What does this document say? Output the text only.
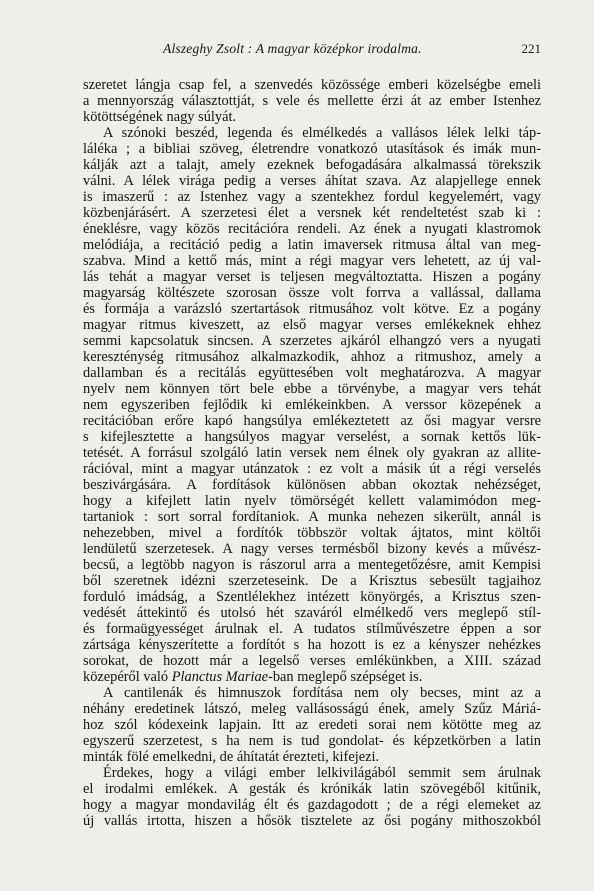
Alszeghy Zsolt : A magyar középkor irodalma.	221

szeretet lángja csap fel, a szenvedés közössége emberi közelségbe emeli
a mennyország választottját, s vele és mellette érzi át az ember Istenhez
kötöttségének nagy súlyát.

A szónoki beszéd, legenda és elmélkedés a vallásos lélek lelki táp-
láléka ; a bibliai szöveg, életrendre vonatkozó utasítások és imák mun-
kálják azt a talajt, amely ezeknek befogadására alkalmassá törekszik
válni. A lélek virága pedig a verses áhítat szava. Az alapjellege ennek
is imaszerű : az Istenhez vagy a szentekhez fordul kegyelemért, vagy
közbenjárásért. A szerzetesi élet a versnek két rendeltetést szab ki :
éneklésre, vagy közös recitációra rendeli. Az ének a nyugati klastromok
melódiája, a recitáció pedig a latin imaversek ritmusa által van meg-
szabva. Mind a kettő más, mint a régi magyar vers lehetett, az új val-
lás tehát a magyar verset is teljesen megváltoztatta. Hiszen a pogány
magyarság költészete szorosan össze volt forrva a vallással, dallama
és formája a varázsló szertartások ritmusához volt kötve. Ez a pogány
magyar ritmus kiveszett, az első magyar verses emlékeknek ehhez
semmi kapcsolatuk sincsen. A szerzetes ajkáról elhangzó vers a nyugati
kereszténység ritmusához alkalmazkodik, ahhoz a ritmushoz, amely a
dallamban és a recitálás együttesében volt meghatározva. A magyar
nyelv nem könnyen tört bele ebbe a törvénybe, a magyar vers tehát
nem egyszeriben fejlődik ki emlékeinkben. A verssor közepének a
recitációban erőre kapó hangsúlya emlékeztetett az ősi magyar versre
s kifejlesztette a hangsúlyos magyar verselést, a sornak kettős lük-
tetését. A forrásul szolgáló latin versek nem élnek oly gyakran az allite-
rációval, mint a magyar utánzatok : ez volt a másik út a régi verselés
beszivárgására. A fordítások különösen abban okoztak nehézséget,
hogy a kifejlett latin nyelv tömörségét kellett valamimódon meg-
tartaniok : sort sorral fordítaniok. A munka nehezen sikerült, annál is
nehezebben, mivel a fordítók többször voltak ájtatos, mint költői
lendületű szerzetesek. A nagy verses termésből bizony kevés a művész-
becsű, a legtöbb nagyon is rászorul arra a mentegetőzésre, amit Kempisi
ből szeretnek idézni szerzeteseink. De a Krisztus sebesült tagjaihoz
forduló imádság, a Szentlélekhez intézett könyörgés, a Krisztus szen-
vedését áttekintő és utolsó hét szaváról elmélkedő vers meglepő stíl-
és formaügyességet árulnak el. A tudatos stílművészetre éppen a sor
zártsága kényszerítette a fordítót s ha hozott is ez a kényszer nehézkes
sorokat, de hozott már a legelső verses emlékünkben, a XIII. század
közepéről való Planctus Mariae-ban meglepő szépséget is.

A cantilenák és himnuszok fordítása nem oly becses, mint az a
néhány eredetinek látszó, meleg vallásosságú ének, amely Szűz Máriá-
hoz szól kódexeink lapjain. Itt az eredeti sorai nem kötötte meg az
egyszerű szerzetest, s ha nem is tud gondolat- és képzetkörben a latin
minták fölé emelkedni, de áhítatát érezteti, kifejezi.

Érdekes, hogy a világi ember lelkivilágából semmit sem árulnak
el irodalmi emlékek. A gesták és krónikák latin szövegéből kitűnik,
hogy a magyar mondavilág élt és gazdagodott ; de a régi elemeket az
új vallás irtotta, hiszen a hősök tisztelete az ősi pogány mithoszokból
